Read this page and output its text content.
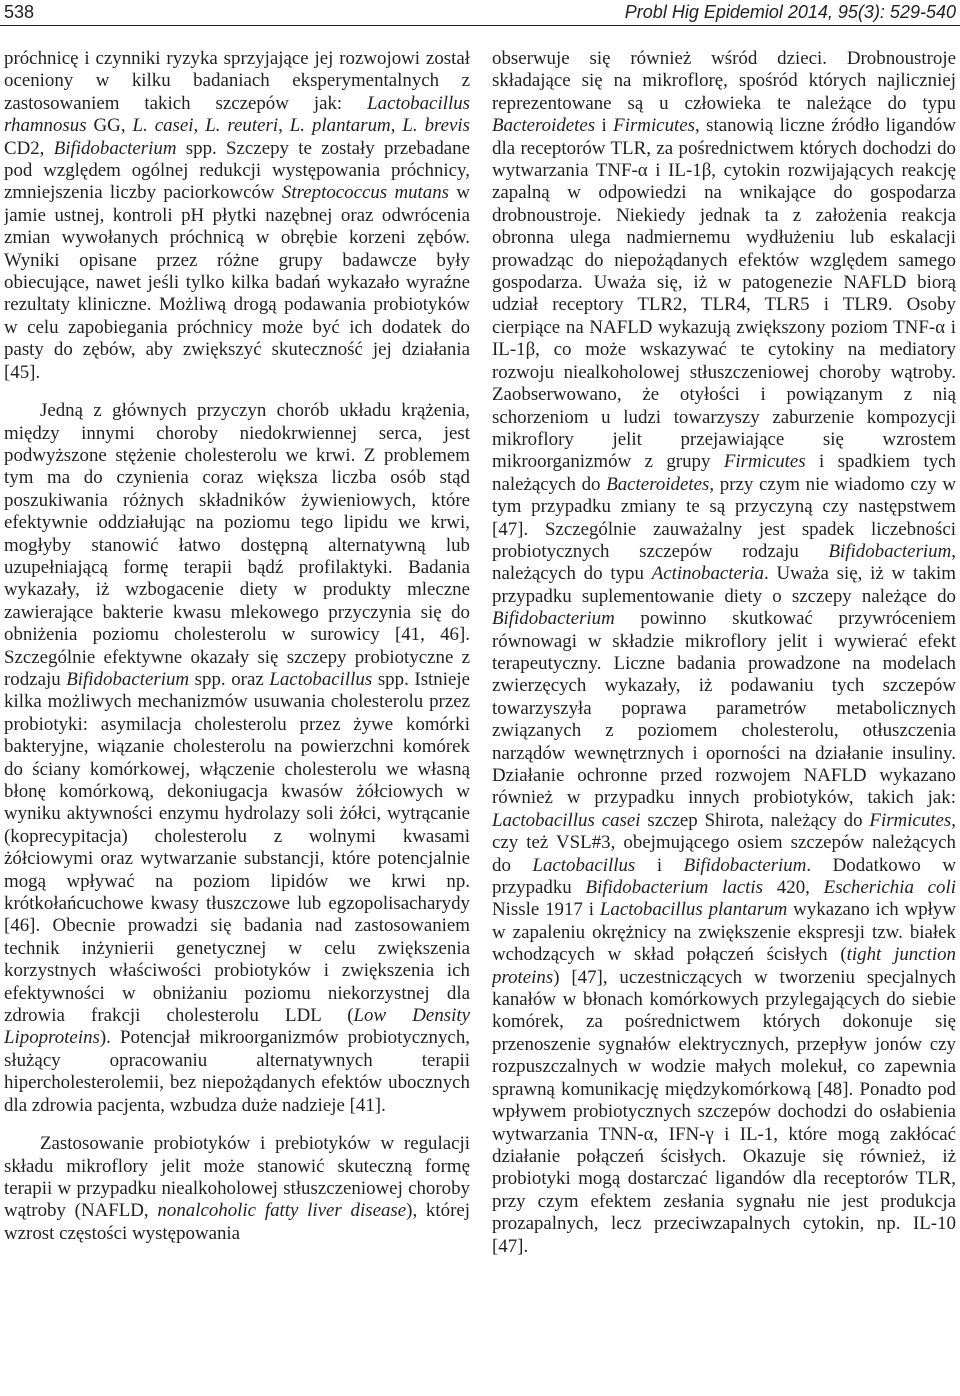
538	Probl Hig Epidemiol 2014, 95(3): 529-540

próchnicę i czynniki ryzyka sprzyjające jej rozwojowi został oceniony w kilku badaniach eksperymentalnych z zastosowaniem takich szczepów jak: Lactobacillus rhamnosus GG, L. casei, L. reuteri, L. plantarum, L. brevis CD2, Bifidobacterium spp. Szczepy te zostały przebadane pod względem ogólnej redukcji występowania próchnicy, zmniejszenia liczby paciorkowców Streptococcus mutans w jamie ustnej, kontroli pH płytki nazębnej oraz odwrócenia zmian wywołanych próchnicą w obrębie korzeni zębów. Wyniki opisane przez różne grupy badawcze były obiecujące, nawet jeśli tylko kilka badań wykazało wyraźne rezultaty kliniczne. Możliwą drogą podawania probiotyków w celu zapobiegania próchnicy może być ich dodatek do pasty do zębów, aby zwiększyć skuteczność jej działania [45].

Jedną z głównych przyczyn chorób układu krążenia, między innymi choroby niedokrwiennej serca, jest podwyższone stężenie cholesterolu we krwi. Z problemem tym ma do czynienia coraz większa liczba osób stąd poszukiwania różnych składników żywieniowych, które efektywnie oddziałując na poziomu tego lipidu we krwi, mogłyby stanowić łatwo dostępną alternatywną lub uzupełniającą formę terapii bądź profilaktyki. Badania wykazały, iż wzbogacenie diety w produkty mleczne zawierające bakterie kwasu mlekowego przyczynia się do obniżenia poziomu cholesterolu w surowicy [41, 46]. Szczególnie efektywne okazały się szczepy probiotyczne z rodzaju Bifidobacterium spp. oraz Lactobacillus spp. Istnieje kilka możliwych mechanizmów usuwania cholesterolu przez probiotyki: asymilacja cholesterolu przez żywe komórki bakteryjne, wiązanie cholesterolu na powierzchni komórek do ściany komórkowej, włączenie cholesterolu we własną błonę komórkową, dekoniugacja kwasów żółciowych w wyniku aktywności enzymu hydrolazy soli żółci, wytrącanie (koprecypitacja) cholesterolu z wolnymi kwasami żółciowymi oraz wytwarzanie substancji, które potencjalnie mogą wpływać na poziom lipidów we krwi np. krótkołańcuchowe kwasy tłuszczowe lub egzopolisacharydy [46]. Obecnie prowadzi się badania nad zastosowaniem technik inżynierii genetycznej w celu zwiększenia korzystnych właściwości probiotyków i zwiększenia ich efektywności w obniżaniu poziomu niekorzystnej dla zdrowia frakcji cholesterolu LDL (Low Density Lipoproteins). Potencjał mikroorganizmów probiotycznych, służący opracowaniu alternatywnych terapii hipercholesterolemii, bez niepożądanych efektów ubocznych dla zdrowia pacjenta, wzbudza duże nadzieje [41].

Zastosowanie probiotyków i prebiotyków w regulacji składu mikroflory jelit może stanowić skuteczną formę terapii w przypadku niealkoholowej stłuszczeniowej choroby wątroby (NAFLD, nonalcoholic fatty liver disease), której wzrost częstości występowania

obserwuje się również wśród dzieci. Drobnoustroje składające się na mikroflorę, spośród których najliczniej reprezentowane są u człowieka te należące do typu Bacteroidetes i Firmicutes, stanowią liczne źródło ligandów dla receptorów TLR, za pośrednictwem których dochodzi do wytwarzania TNF-α i IL-1β, cytokin rozwijających reakcję zapalną w odpowiedzi na wnikające do gospodarza drobnoustroje. Niekiedy jednak ta z założenia reakcja obronna ulega nadmiernemu wydłużeniu lub eskalacji prowadząc do niepożądanych efektów względem samego gospodarza. Uważa się, iż w patogenezie NAFLD biorą udział receptory TLR2, TLR4, TLR5 i TLR9. Osoby cierpiące na NAFLD wykazują zwiększony poziom TNF-α i IL-1β, co może wskazywać te cytokiny na mediatory rozwoju niealkoholowej stłuszczeniowej choroby wątroby. Zaobserwowano, że otyłości i powiązanym z nią schorzeniom u ludzi towarzyszy zaburzenie kompozycji mikroflory jelit przejawiające się wzrostem mikroorganizmów z grupy Firmicutes i spadkiem tych należących do Bacteroidetes, przy czym nie wiadomo czy w tym przypadku zmiany te są przyczyną czy następstwem [47]. Szczególnie zauważalny jest spadek liczebności probiotycznych szczepów rodzaju Bifidobacterium, należących do typu Actinobacteria. Uważa się, iż w takim przypadku suplementowanie diety o szczepy należące do Bifidobacterium powinno skutkować przywróceniem równowagi w składzie mikroflory jelit i wywierać efekt terapeutyczny. Liczne badania prowadzone na modelach zwierzęcych wykazały, iż podawaniu tych szczepów towarzyszyła poprawa parametrów metabolicznych związanych z poziomem cholesterolu, otłuszczenia narządów wewnętrznych i oporności na działanie insuliny. Działanie ochronne przed rozwojem NAFLD wykazano również w przypadku innych probiotyków, takich jak: Lactobacillus casei szczep Shirota, należący do Firmicutes, czy też VSL#3, obejmującego osiem szczepów należących do Lactobacillus i Bifidobacterium. Dodatkowo w przypadku Bifidobacterium lactis 420, Escherichia coli Nissle 1917 i Lactobacillus plantarum wykazano ich wpływ w zapaleniu okrężnicy na zwiększenie ekspresji tzw. białek wchodzących w skład połączeń ścisłych (tight junction proteins) [47], uczestniczących w tworzeniu specjalnych kanałów w błonach komórkowych przylegających do siebie komórek, za pośrednictwem których dokonuje się przenoszenie sygnałów elektrycznych, przepływ jonów czy rozpuszczalnych w wodzie małych molekuł, co zapewnia sprawną komunikację międzykomórkową [48]. Ponadto pod wpływem probiotycznych szczepów dochodzi do osłabienia wytwarzania TNN-α, IFN-γ i IL-1, które mogą zakłócać działanie połączeń ścisłych. Okazuje się również, iż probiotyki mogą dostarczać ligandów dla receptorów TLR, przy czym efektem zesłania sygnału nie jest produkcja prozapalnych, lecz przeciwzapalnych cytokin, np. IL-10 [47].
